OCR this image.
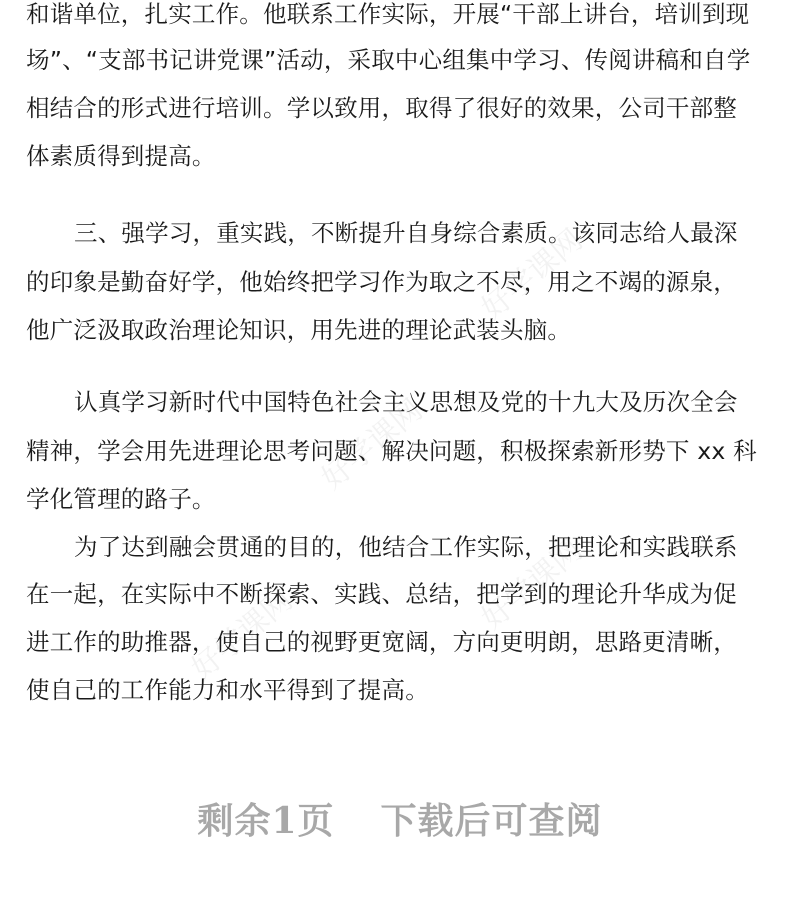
好学课网
好学课网
好学课网
好学课网
和谐单位，扎实工作。他联系工作实际，开展“干部上讲台，培训到现
场”、“支部书记讲党课”活动，采取中心组集中学习、传阅讲稿和自学
相结合的形式进行培训。学以致用，取得了很好的效果，公司干部整
体素质得到提高。
三、强学习，重实践，不断提升自身综合素质。该同志给人最深
的印象是勤奋好学，他始终把学习作为取之不尽，用之不竭的源泉，
他广泛汲取政治理论知识，用先进的理论武装头脑。
认真学习新时代中国特色社会主义思想及党的十九大及历次全会
精神，学会用先进理论思考问题、解决问题，积极探索新形势下 xx 科
学化管理的路子。
为了达到融会贯通的目的，他结合工作实际，把理论和实践联系
在一起，在实际中不断探索、实践、总结，把学到的理论升华成为促
进工作的助推器，使自己的视野更宽阔，方向更明朗，思路更清晰，
使自己的工作能力和水平得到了提高。
剩余1页 下载后可查阅
